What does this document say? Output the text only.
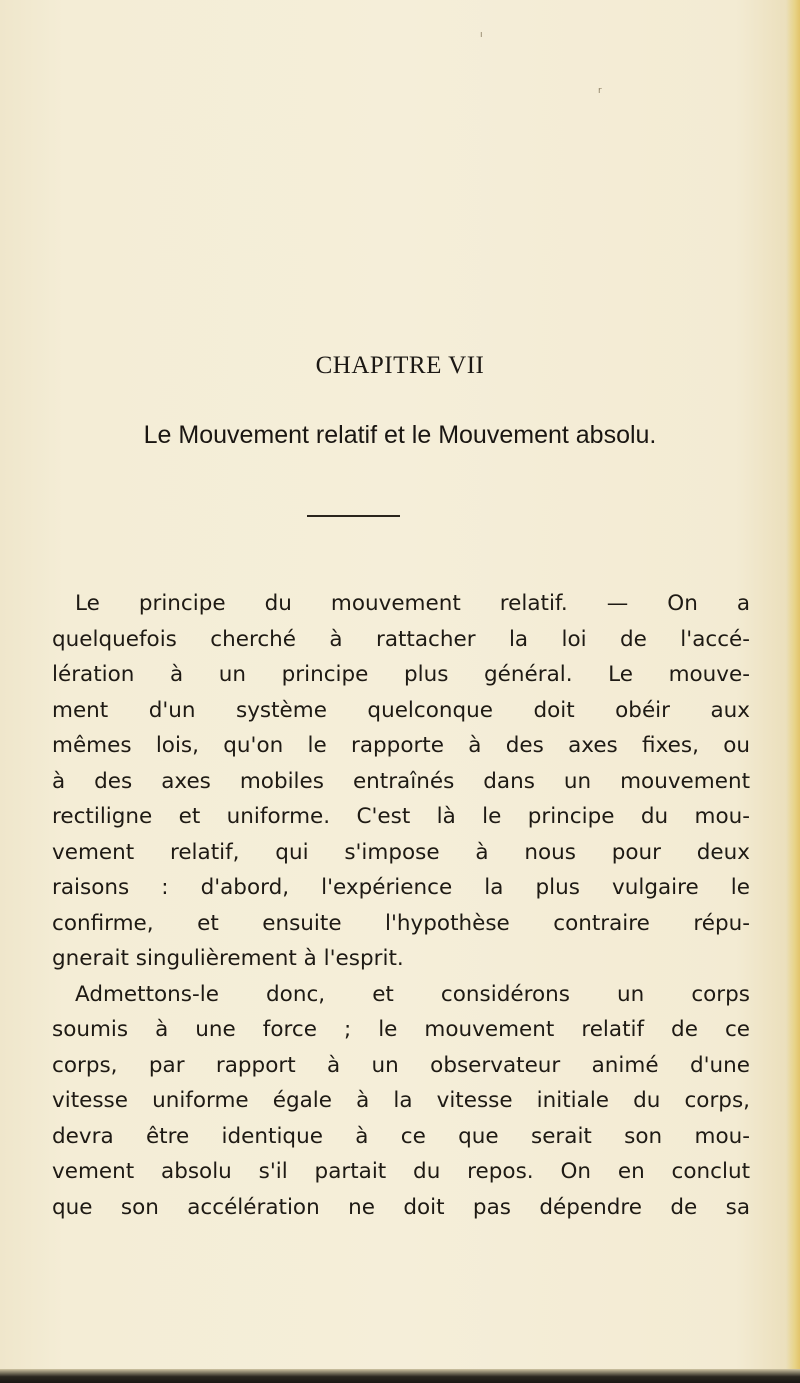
r
ı
CHAPITRE VII
Le Mouvement relatif et le Mouvement absolu.
Le principe du mouvement relatif. — On a
quelquefois cherché à rattacher la loi de l'accé-
lération à un principe plus général. Le mouve-
ment d'un système quelconque doit obéir aux
mêmes lois, qu'on le rapporte à des axes fixes, ou
à des axes mobiles entraînés dans un mouvement
rectiligne et uniforme. C'est là le principe du mou-
vement relatif, qui s'impose à nous pour deux
raisons : d'abord, l'expérience la plus vulgaire le
confirme, et ensuite l'hypothèse contraire répu-
gnerait singulièrement à l'esprit.
Admettons-le donc, et considérons un corps
soumis à une force ; le mouvement relatif de ce
corps, par rapport à un observateur animé d'une
vitesse uniforme égale à la vitesse initiale du corps,
devra être identique à ce que serait son mou-
vement absolu s'il partait du repos. On en conclut
que son accélération ne doit pas dépendre de sa
